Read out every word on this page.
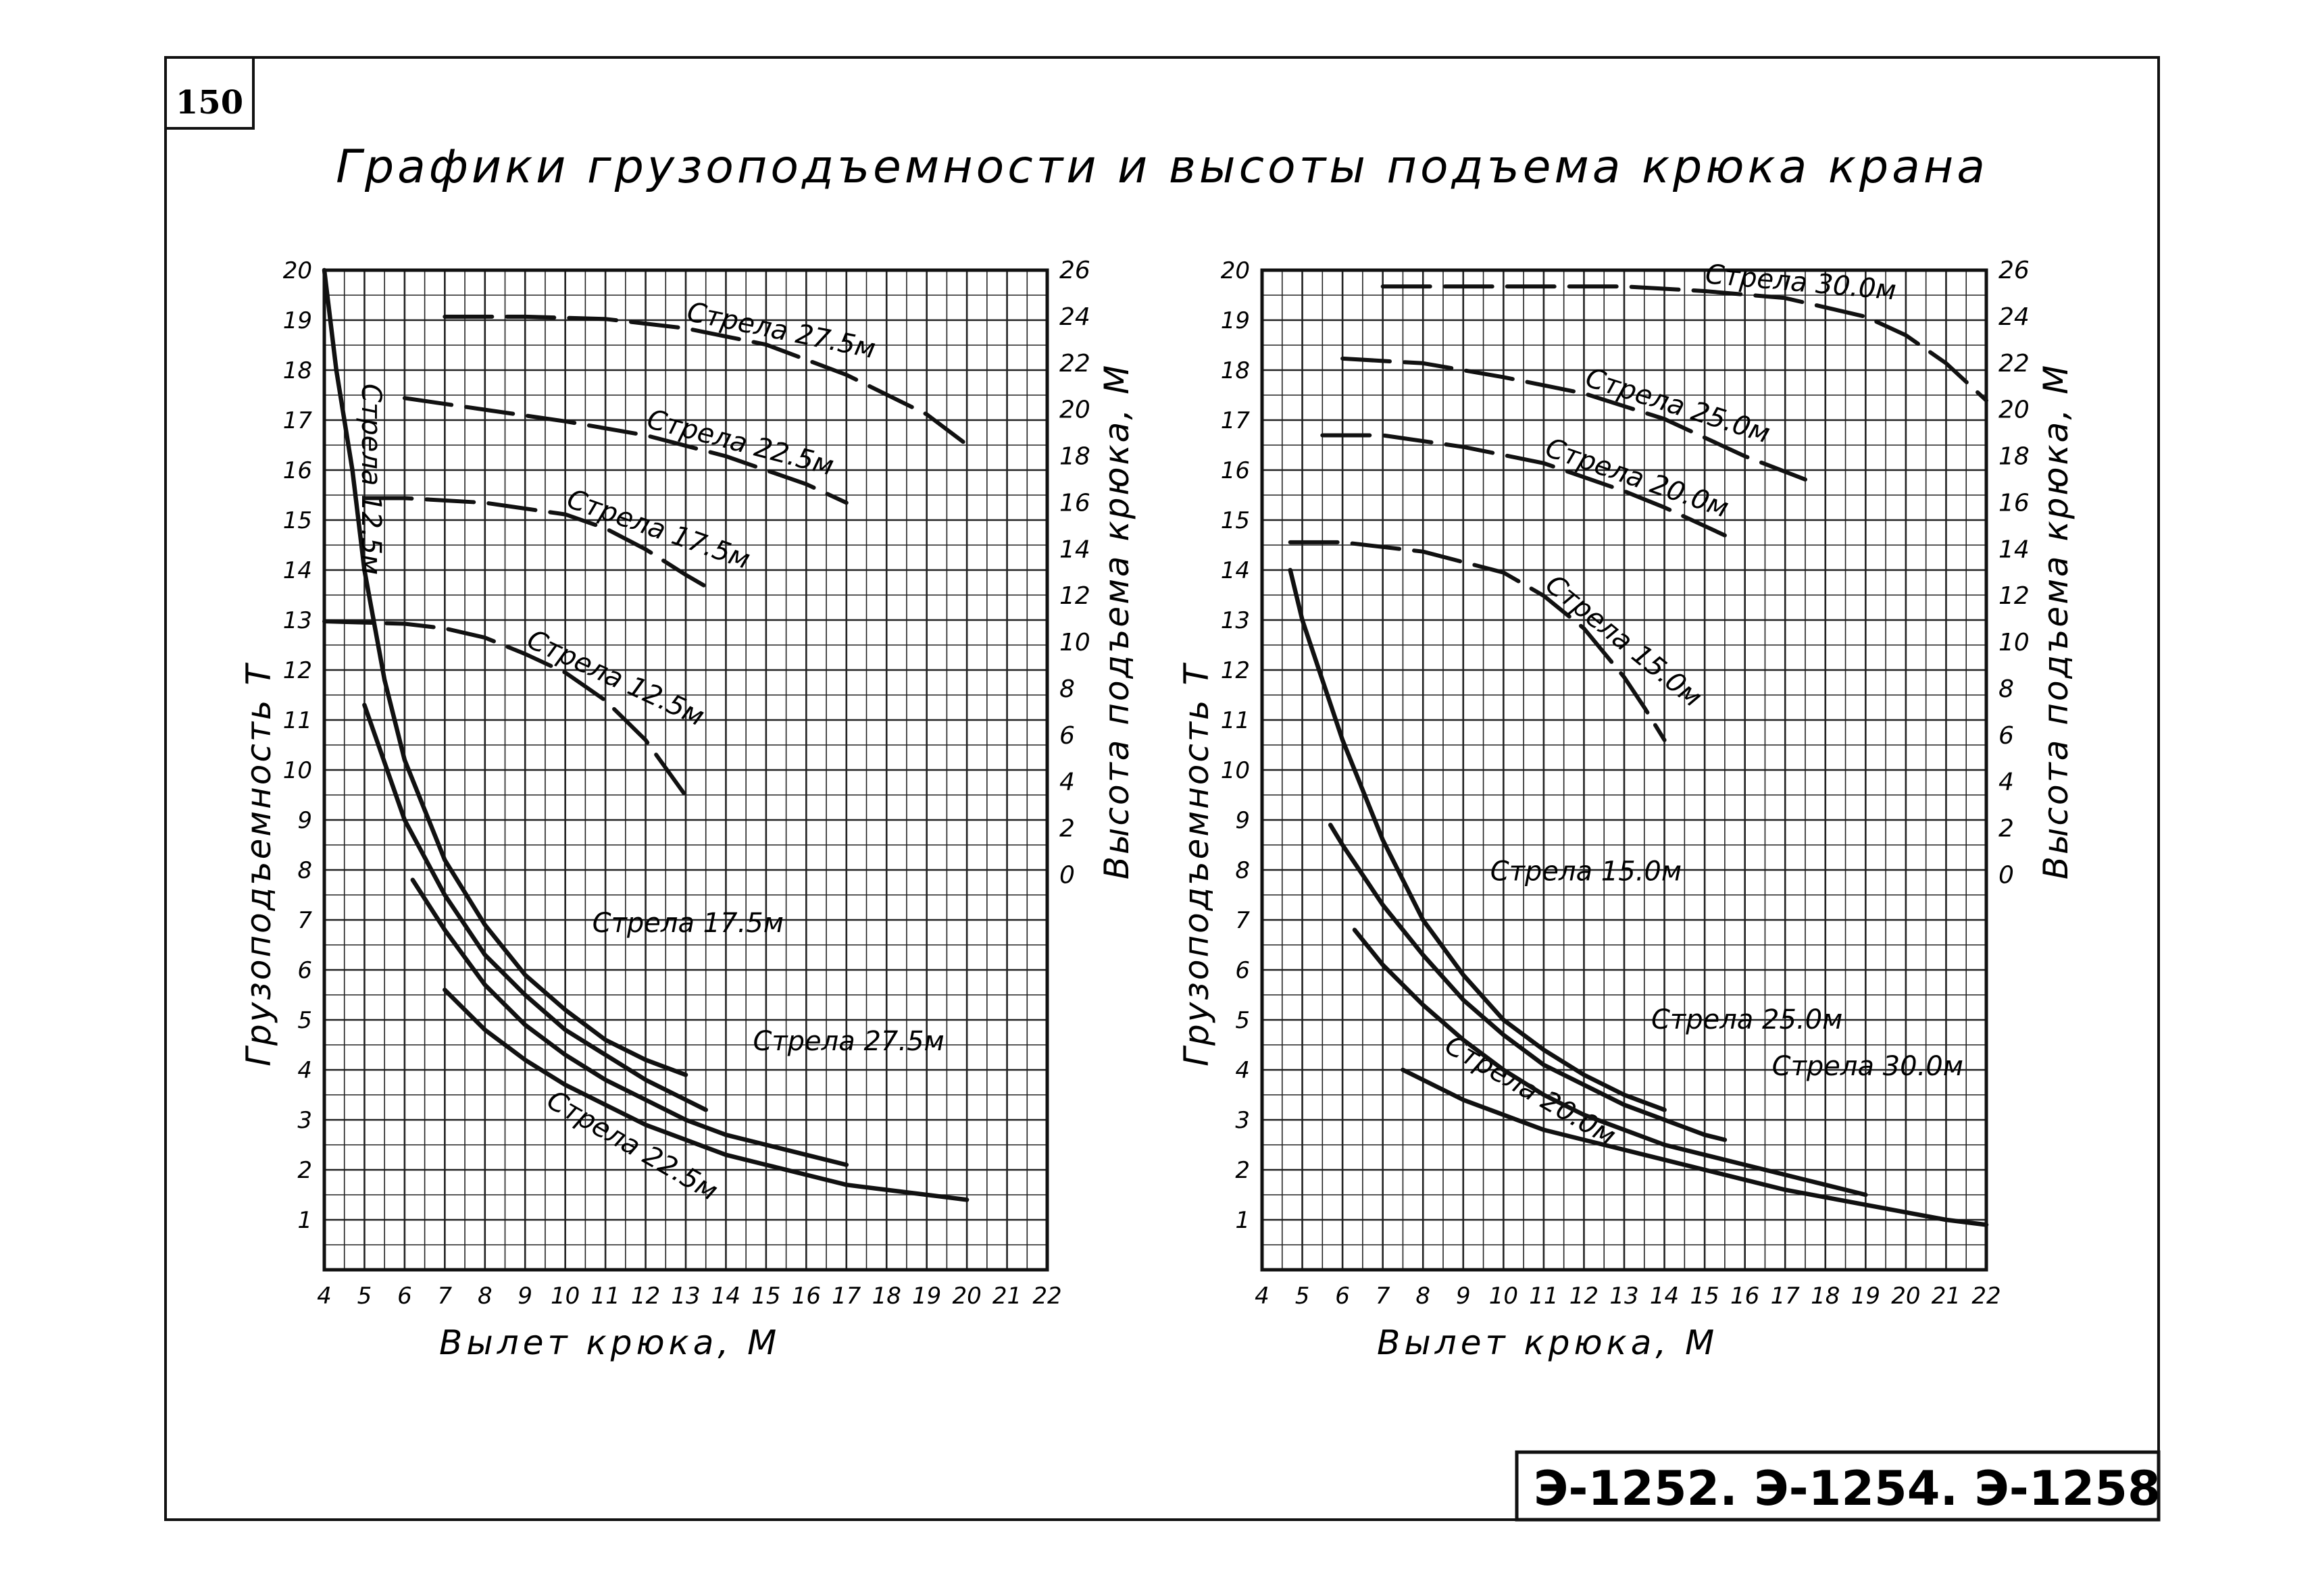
150
Графики грузоподъемности и высоты подъема крюка крана
4 5 6 7 8 9 10 11 12 13 14 15 16 17 18 19 20 21 22
1
2
3
4
5
6
7
8
9
10
11
12
13
14
15
16
17
18
19
20
0
2
4
6
8
10
12
14
16
18
20
22
24
26
Вылет крюка, М
Грузоподъемность Т	Высота подъема крюка, М
Стрела 12.5м
Стрела 17.5м
Стрела 22.5м
Стрела 27.5м
Стрела 12.5м
Стрела 17.5м
Стрела 22.5м
Стрела 27.5м
4 5 6 7 8 9 10 11 12 13 14 15 16 17 18 19 20 21 22
1
2
3
4
5
6
7
8
9
10
11
12
13
14
15
16
17
18
19
20
0
2
4
6
8
10
12
14
16
18
20
22
24
26
Вылет крюка, М
Грузоподъемность Т	Высота подъема крюка, М
Стрела 15.0м
Стрела 20.0м
Стрела 25.0м
Стрела 30.0м
Стрела 15.0м
Стрела 20.0м
Стрела 25.0м
Стрела 30.0м
Э-1252. Э-1254. Э-1258
